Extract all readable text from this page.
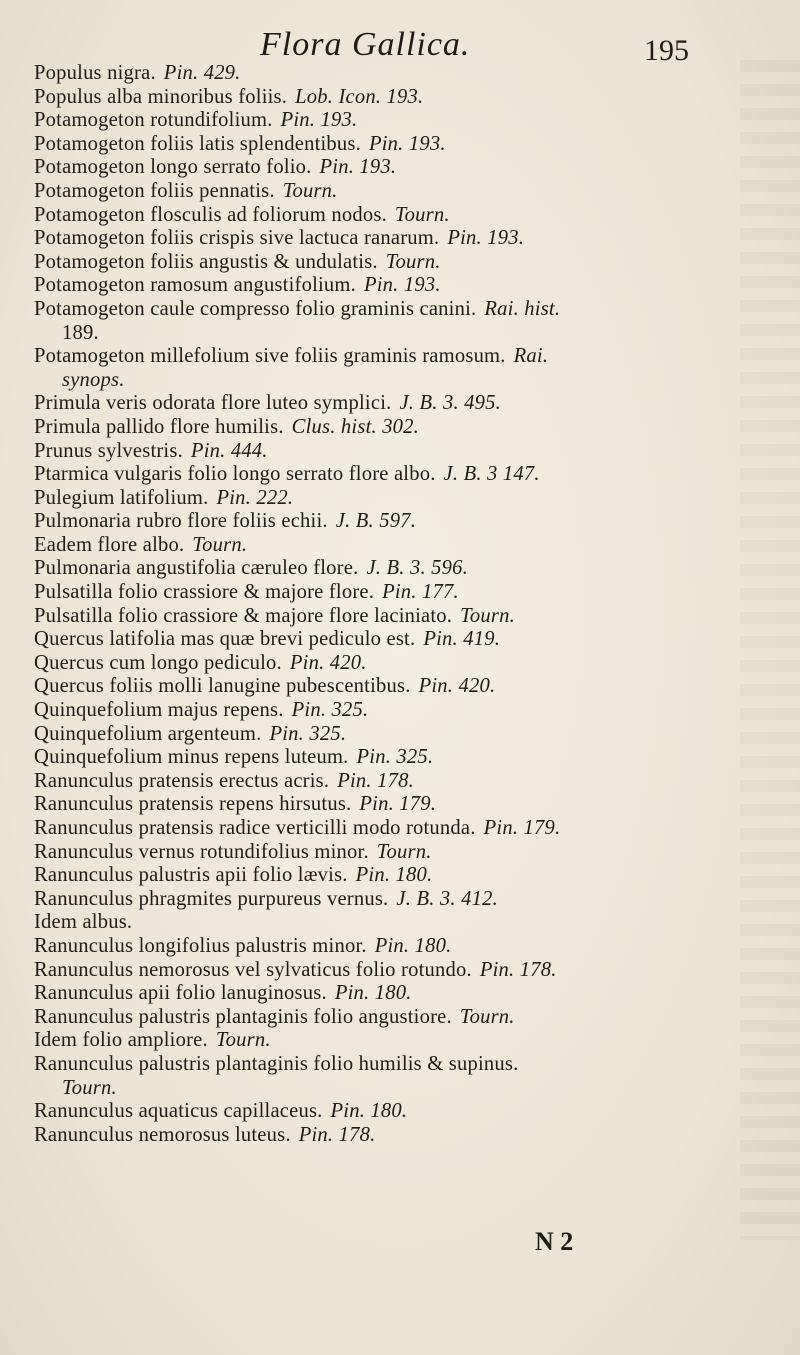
Flora Gallica.	195
Populus nigra. Pin. 429.
Populus alba minoribus foliis. Lob. Icon. 193.
Potamogeton rotundifolium. Pin. 193.
Potamogeton foliis latis splendentibus. Pin. 193.
Potamogeton longo serrato folio. Pin. 193.
Potamogeton foliis pennatis. Tourn.
Potamogeton flosculis ad foliorum nodos. Tourn.
Potamogeton foliis crispis sive lactuca ranarum. Pin. 193.
Potamogeton foliis angustis & undulatis. Tourn.
Potamogeton ramosum angustifolium. Pin. 193.
Potamogeton caule compresso folio graminis canini. Rai. hist.
189.
Potamogeton millefolium sive foliis graminis ramosum. Rai.
synops.
Primula veris odorata flore luteo symplici. J. B. 3. 495.
Primula pallido flore humilis. Clus. hist. 302.
Prunus sylvestris. Pin. 444.
Ptarmica vulgaris folio longo serrato flore albo. J. B. 3 147.
Pulegium latifolium. Pin. 222.
Pulmonaria rubro flore foliis echii. J. B. 597.
Eadem flore albo. Tourn.
Pulmonaria angustifolia cæruleo flore. J. B. 3. 596.
Pulsatilla folio crassiore & majore flore. Pin. 177.
Pulsatilla folio crassiore & majore flore laciniato. Tourn.
Quercus latifolia mas quæ brevi pediculo est. Pin. 419.
Quercus cum longo pediculo. Pin. 420.
Quercus foliis molli lanugine pubescentibus. Pin. 420.
Quinquefolium majus repens. Pin. 325.
Quinquefolium argenteum. Pin. 325.
Quinquefolium minus repens luteum. Pin. 325.
Ranunculus pratensis erectus acris. Pin. 178.
Ranunculus pratensis repens hirsutus. Pin. 179.
Ranunculus pratensis radice verticilli modo rotunda. Pin. 179.
Ranunculus vernus rotundifolius minor. Tourn.
Ranunculus palustris apii folio lævis. Pin. 180.
Ranunculus phragmites purpureus vernus. J. B. 3. 412.
Idem albus.
Ranunculus longifolius palustris minor. Pin. 180.
Ranunculus nemorosus vel sylvaticus folio rotundo. Pin. 178.
Ranunculus apii folio lanuginosus. Pin. 180.
Ranunculus palustris plantaginis folio angustiore. Tourn.
Idem folio ampliore. Tourn.
Ranunculus palustris plantaginis folio humilis & supinus.
Tourn.
Ranunculus aquaticus capillaceus. Pin. 180.
Ranunculus nemorosus luteus. Pin. 178.
N 2
